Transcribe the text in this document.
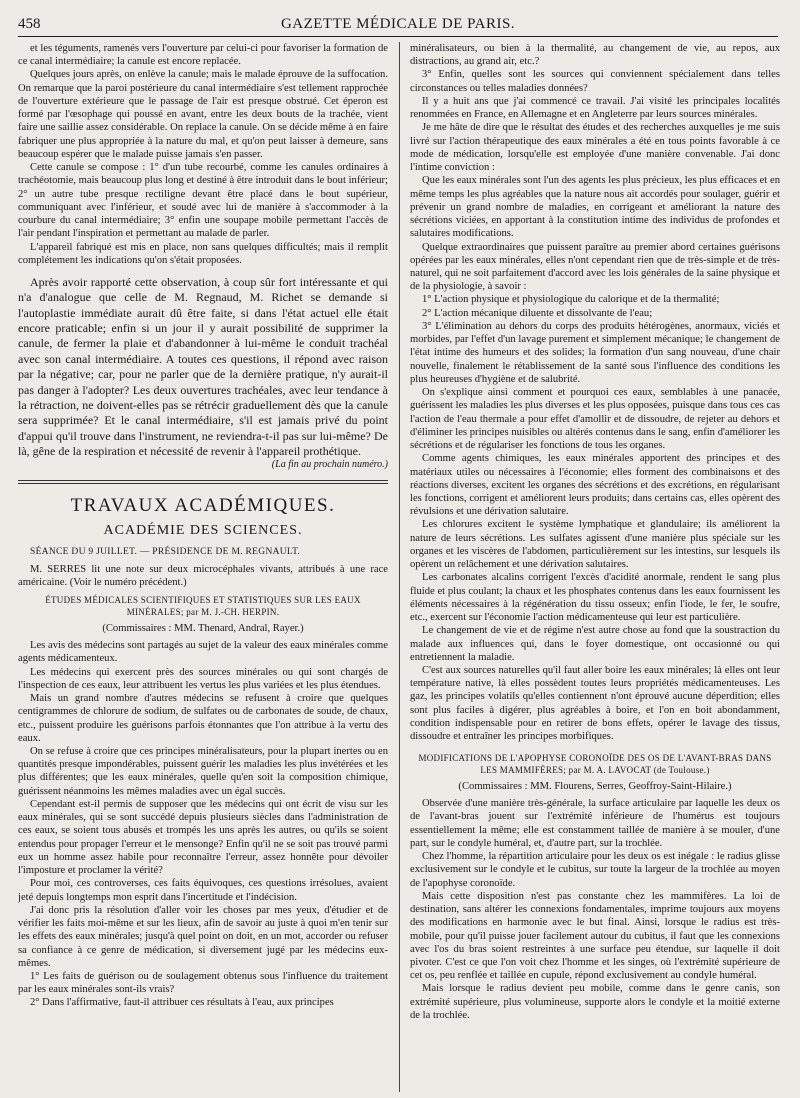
458	GAZETTE MÉDICALE DE PARIS.

et les téguments, ramenés vers l'ouverture par celui-ci pour favoriser la formation de ce canal intermédiaire; la canule est encore replacée.

Quelques jours après, on enlève la canule; mais le malade éprouve de la suffocation. On remarque que la paroi postérieure du canal intermédiaire s'est tellement rapprochée de l'ouverture extérieure que le passage de l'air est presque obstrué. Cet éperon est formé par l'œsophage qui poussé en avant, entre les deux bouts de la trachée, vient faire une saillie assez considérable. On replace la canule. On se décide même à en faire fabriquer une plus appropriée à la nature du mal, et qu'on peut laisser à demeure, sans beaucoup espérer que le malade puisse jamais s'en passer.

Cette canule se compose : 1° d'un tube recourbé, comme les canules ordinaires à trachéotomie, mais beaucoup plus long et destiné à être introduit dans le bout inférieur; 2° un autre tube presque rectiligne devant être placé dans le bout supérieur, communiquant avec l'inférieur, et soudé avec lui de manière à s'accommoder à la courbure du canal intermédiaire; 3° enfin une soupape mobile permettant l'accès de l'air pendant l'inspiration et permettant au malade de parler.

L'appareil fabriqué est mis en place, non sans quelques difficultés; mais il remplit complétement les indications qu'on s'était proposées.

Après avoir rapporté cette observation, à coup sûr fort intéressante et qui n'a d'analogue que celle de M. Regnaud, M. Richet se demande si l'autoplastie immédiate aurait dû être faite, si dans l'état actuel elle était encore praticable; enfin si un jour il y aurait possibilité de supprimer la canule, de fermer la plaie et d'abandonner à lui-même le conduit trachéal avec son canal intermédiaire. A toutes ces questions, il répond avec raison par la négative; car, pour ne parler que de la dernière pratique, n'y aurait-il pas danger à l'adopter? Les deux ouvertures trachéales, avec leur tendance à la rétraction, ne doivent-elles pas se rétrécir graduellement dès que la canule sera supprimée? Et le canal intermédiaire, s'il est jamais privé du point d'appui qu'il trouve dans l'instrument, ne reviendra-t-il pas sur lui-même? De là, gêne de la respiration et nécessité de revenir à l'appareil prothétique.

(La fin au prochain numéro.)

TRAVAUX ACADÉMIQUES.
ACADÉMIE DES SCIENCES.
SÉANCE DU 9 JUILLET. — PRÉSIDENCE DE M. REGNAULT.

M. SERRES lit une note sur deux microcéphales vivants, attribués à une race américaine. (Voir le numéro précédent.)

ÉTUDES MÉDICALES SCIENTIFIQUES ET STATISTIQUES SUR LES EAUX MINÉRALES; par M. J.-CH. HERPIN.

(Commissaires : MM. Thenard, Andral, Rayer.)

Les avis des médecins sont partagés au sujet de la valeur des eaux minérales comme agents médicamenteux.

Les médecins qui exercent près des sources minérales ou qui sont chargés de l'inspection de ces eaux, leur attribuent les vertus les plus variées et les plus étendues.

Mais un grand nombre d'autres médecins se refusent à croire que quelques centigrammes de chlorure de sodium, de sulfates ou de carbonates de soude, de chaux, etc., puissent produire les guérisons parfois étonnantes que l'on attribue à la vertu des eaux.

On se refuse à croire que ces principes minéralisateurs, pour la plupart inertes ou en quantités presque impondérables, puissent guérir les maladies les plus invétérées et les plus différentes; que les eaux minérales, quelle qu'en soit la composition chimique, guérissent néanmoins les mêmes maladies avec un égal succès.

Cependant est-il permis de supposer que les médecins qui ont écrit de visu sur les eaux minérales, qui se sont succédé depuis plusieurs siècles dans l'administration de ces eaux, se soient tous abusés et trompés les uns après les autres, ou qu'ils se soient entendus pour propager l'erreur et le mensonge? Enfin qu'il ne se soit pas trouvé parmi eux un homme assez habile pour reconnaître l'erreur, assez honnête pour dévoiler l'imposture et proclamer la vérité?

Pour moi, ces controverses, ces faits équivoques, ces questions irrésolues, avaient jeté depuis longtemps mon esprit dans l'incertitude et l'indécision.

J'ai donc pris la résolution d'aller voir les choses par mes yeux, d'étudier et de vérifier les faits moi-même et sur les lieux, afin de savoir au juste à quoi m'en tenir sur les effets des eaux minérales; jusqu'à quel point on doit, en un mot, accorder ou refuser sa confiance à ce genre de médication, si diversement jugé par les médecins eux-mêmes.

1° Les faits de guérison ou de soulagement obtenus sous l'influence du traitement par les eaux minérales sont-ils vrais?

2° Dans l'affirmative, faut-il attribuer ces résultats à l'eau, aux principes

minéralisateurs, ou bien à la thermalité, au changement de vie, au repos, aux distractions, au grand air, etc.?

3° Enfin, quelles sont les sources qui conviennent spécialement dans telles circonstances ou telles maladies données?

Il y a huit ans que j'ai commencé ce travail. J'ai visité les principales localités renommées en France, en Allemagne et en Angleterre par leurs sources minérales.

Je me hâte de dire que le résultat des études et des recherches auxquelles je me suis livré sur l'action thérapeutique des eaux minérales a été en tous points favorable à ce mode de médication, lorsqu'elle est employée d'une manière convenable. J'ai donc l'intime conviction :

Que les eaux minérales sont l'un des agents les plus précieux, les plus efficaces et en même temps les plus agréables que la nature nous ait accordés pour soulager, guérir et prévenir un grand nombre de maladies, en corrigeant et améliorant la nature des sécrétions viciées, en apportant à la constitution intime des individus de profondes et salutaires modifications.

Quelque extraordinaires que puissent paraître au premier abord certaines guérisons opérées par les eaux minérales, elles n'ont cependant rien que de très-simple et de très-naturel, qui ne soit parfaitement d'accord avec les lois générales de la saine physique et de la physiologie, à savoir :

1° L'action physique et physiologique du calorique et de la thermalité;

2° L'action mécanique diluente et dissolvante de l'eau;

3° L'élimination au dehors du corps des produits hétérogènes, anormaux, viciés et morbides, par l'effet d'un lavage purement et simplement mécanique; le changement de l'état intime des humeurs et des solides; la formation d'un sang nouveau, d'une chair nouvelle, finalement le rétablissement de la santé sous l'influence des conditions les plus heureuses d'hygiène et de salubrité.

On s'explique ainsi comment et pourquoi ces eaux, semblables à une panacée, guérissent les maladies les plus diverses et les plus opposées, puisque dans tous ces cas l'action de l'eau thermale a pour effet d'amollir et de dissoudre, de rejeter au dehors et d'éliminer les principes nuisibles ou altérés contenus dans le sang, enfin d'améliorer les sécrétions et de régulariser les fonctions de tous les organes.

Comme agents chimiques, les eaux minérales apportent des principes et des matériaux utiles ou nécessaires à l'économie; elles forment des combinaisons et des réactions diverses, excitent les organes des sécrétions et des excrétions, en régularisant les fonctions, corrigent et améliorent leurs produits; dans certains cas, elles opèrent des révulsions et une dérivation salutaire.

Les chlorures excitent le système lymphatique et glandulaire; ils améliorent la nature de leurs sécrétions. Les sulfates agissent d'une manière plus spéciale sur les organes et les viscères de l'abdomen, particulièrement sur les intestins, sur lesquels ils opèrent un relâchement et une dérivation salutaires.

Les carbonates alcalins corrigent l'excès d'acidité anormale, rendent le sang plus fluide et plus coulant; la chaux et les phosphates contenus dans les eaux fournissent les éléments nécessaires à la régénération du tissu osseux; enfin l'iode, le fer, le soufre, etc., exercent sur l'économie l'action médicamenteuse qui leur est particulière.

Le changement de vie et de régime n'est autre chose au fond que la soustraction du malade aux influences qui, dans le foyer domestique, ont occasionné ou qui entretiennent la maladie.

C'est aux sources naturelles qu'il faut aller boire les eaux minérales; là elles ont leur température native, là elles possèdent toutes leurs propriétés médicamenteuses. Les gaz, les principes volatils qu'elles contiennent n'ont éprouvé aucune déperdition; elles sont plus faciles à digérer, plus agréables à boire, et l'on en boit abondamment, condition indispensable pour en retirer de bons effets, opérer le lavage des tissus, dissoudre et entraîner les principes morbifiques.

MODIFICATIONS DE L'APOPHYSE CORONOÏDE DES OS DE L'AVANT-BRAS DANS LES MAMMIFÈRES; par M. A. LAVOCAT (de Toulouse.)

(Commissaires : MM. Flourens, Serres, Geoffroy-Saint-Hilaire.)

Observée d'une manière très-générale, la surface articulaire par laquelle les deux os de l'avant-bras jouent sur l'extrémité inférieure de l'humérus est toujours essentiellement la même; elle est constamment taillée de manière à se mouler, d'une part, sur le condyle huméral, et, d'autre part, sur la trochlée.

Chez l'homme, la répartition articulaire pour les deux os est inégale : le radius glisse exclusivement sur le condyle et le cubitus, sur toute la largeur de la trochlée au moyen de l'apophyse coronoïde.

Mais cette disposition n'est pas constante chez les mammifères. La loi de destination, sans altérer les connexions fondamentales, imprime toujours aux moyens des modifications en harmonie avec le but final. Ainsi, lorsque le radius est très-mobile, pour qu'il puisse jouer facilement autour du cubitus, il faut que les connexions avec l'os du bras soient restreintes à une surface peu étendue, sur laquelle il doit pivoter. C'est ce que l'on voit chez l'homme et les singes, où l'extrémité supérieure de cet os, peu renflée et taillée en cupule, répond exclusivement au condyle huméral.

Mais lorsque le radius devient peu mobile, comme dans le genre canis, son extrémité supérieure, plus volumineuse, supporte alors le condyle et la moitié externe de la trochlée.
